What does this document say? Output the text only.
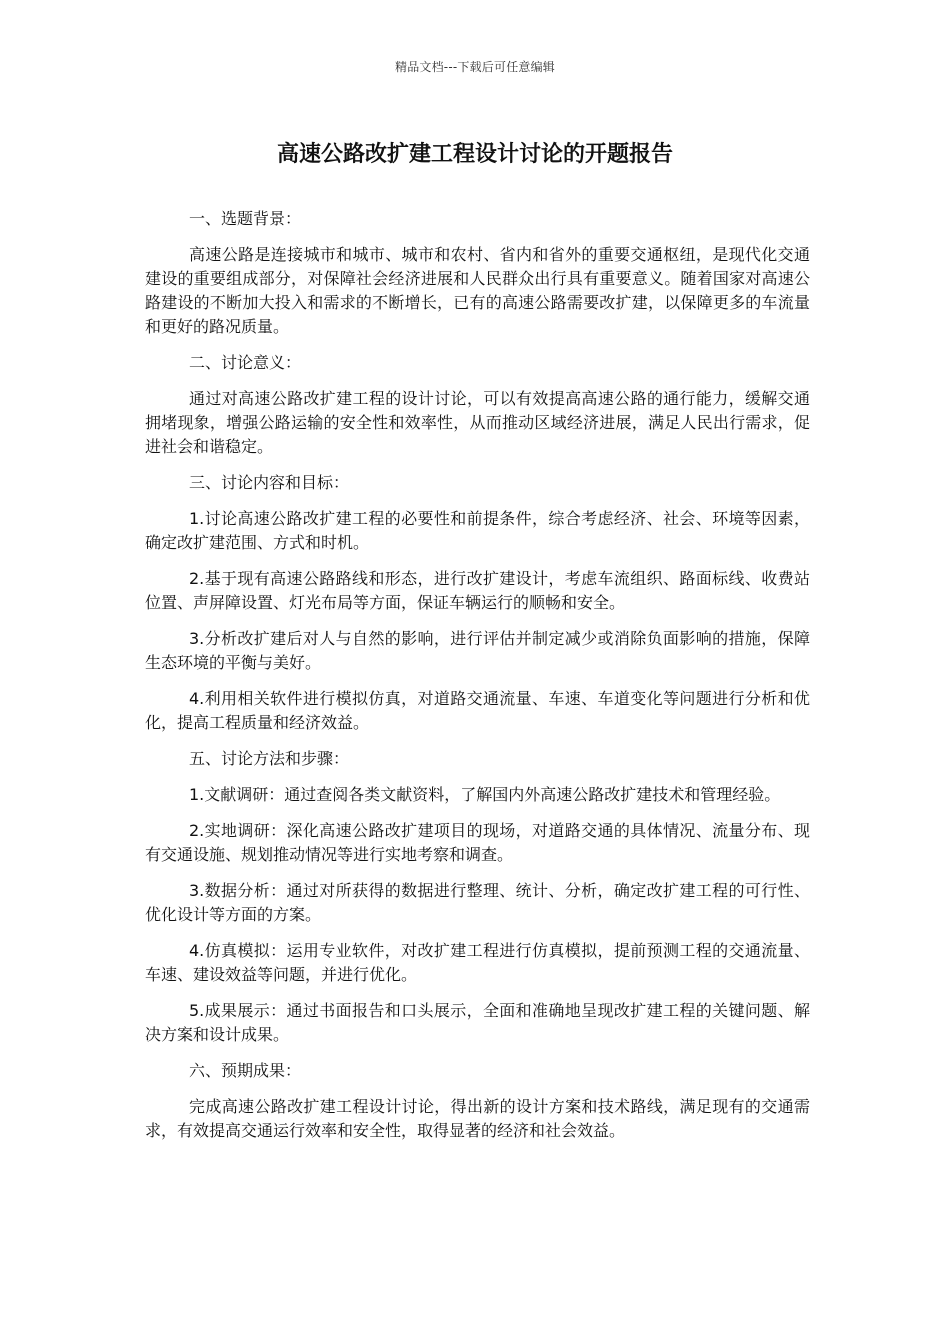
精品文档---下载后可任意编辑
高速公路改扩建工程设计讨论的开题报告

一、选题背景：

高速公路是连接城市和城市、城市和农村、省内和省外的重要交通枢纽，是现代化交通建设的重要组成部分，对保障社会经济进展和人民群众出行具有重要意义。随着国家对高速公路建设的不断加大投入和需求的不断增长，已有的高速公路需要改扩建，以保障更多的车流量和更好的路况质量。

二、讨论意义：

通过对高速公路改扩建工程的设计讨论，可以有效提高高速公路的通行能力，缓解交通拥堵现象，增强公路运输的安全性和效率性，从而推动区域经济进展，满足人民出行需求，促进社会和谐稳定。

三、讨论内容和目标：

1.讨论高速公路改扩建工程的必要性和前提条件，综合考虑经济、社会、环境等因素，确定改扩建范围、方式和时机。

2.基于现有高速公路路线和形态，进行改扩建设计，考虑车流组织、路面标线、收费站位置、声屏障设置、灯光布局等方面，保证车辆运行的顺畅和安全。

3.分析改扩建后对人与自然的影响，进行评估并制定减少或消除负面影响的措施，保障生态环境的平衡与美好。

4.利用相关软件进行模拟仿真，对道路交通流量、车速、车道变化等问题进行分析和优化，提高工程质量和经济效益。

五、讨论方法和步骤：

1.文献调研：通过查阅各类文献资料，了解国内外高速公路改扩建技术和管理经验。

2.实地调研：深化高速公路改扩建项目的现场，对道路交通的具体情况、流量分布、现有交通设施、规划推动情况等进行实地考察和调查。

3.数据分析：通过对所获得的数据进行整理、统计、分析，确定改扩建工程的可行性、优化设计等方面的方案。

4.仿真模拟：运用专业软件，对改扩建工程进行仿真模拟，提前预测工程的交通流量、车速、建设效益等问题，并进行优化。

5.成果展示：通过书面报告和口头展示，全面和准确地呈现改扩建工程的关键问题、解决方案和设计成果。

六、预期成果：

完成高速公路改扩建工程设计讨论，得出新的设计方案和技术路线，满足现有的交通需求，有效提高交通运行效率和安全性，取得显著的经济和社会效益。
